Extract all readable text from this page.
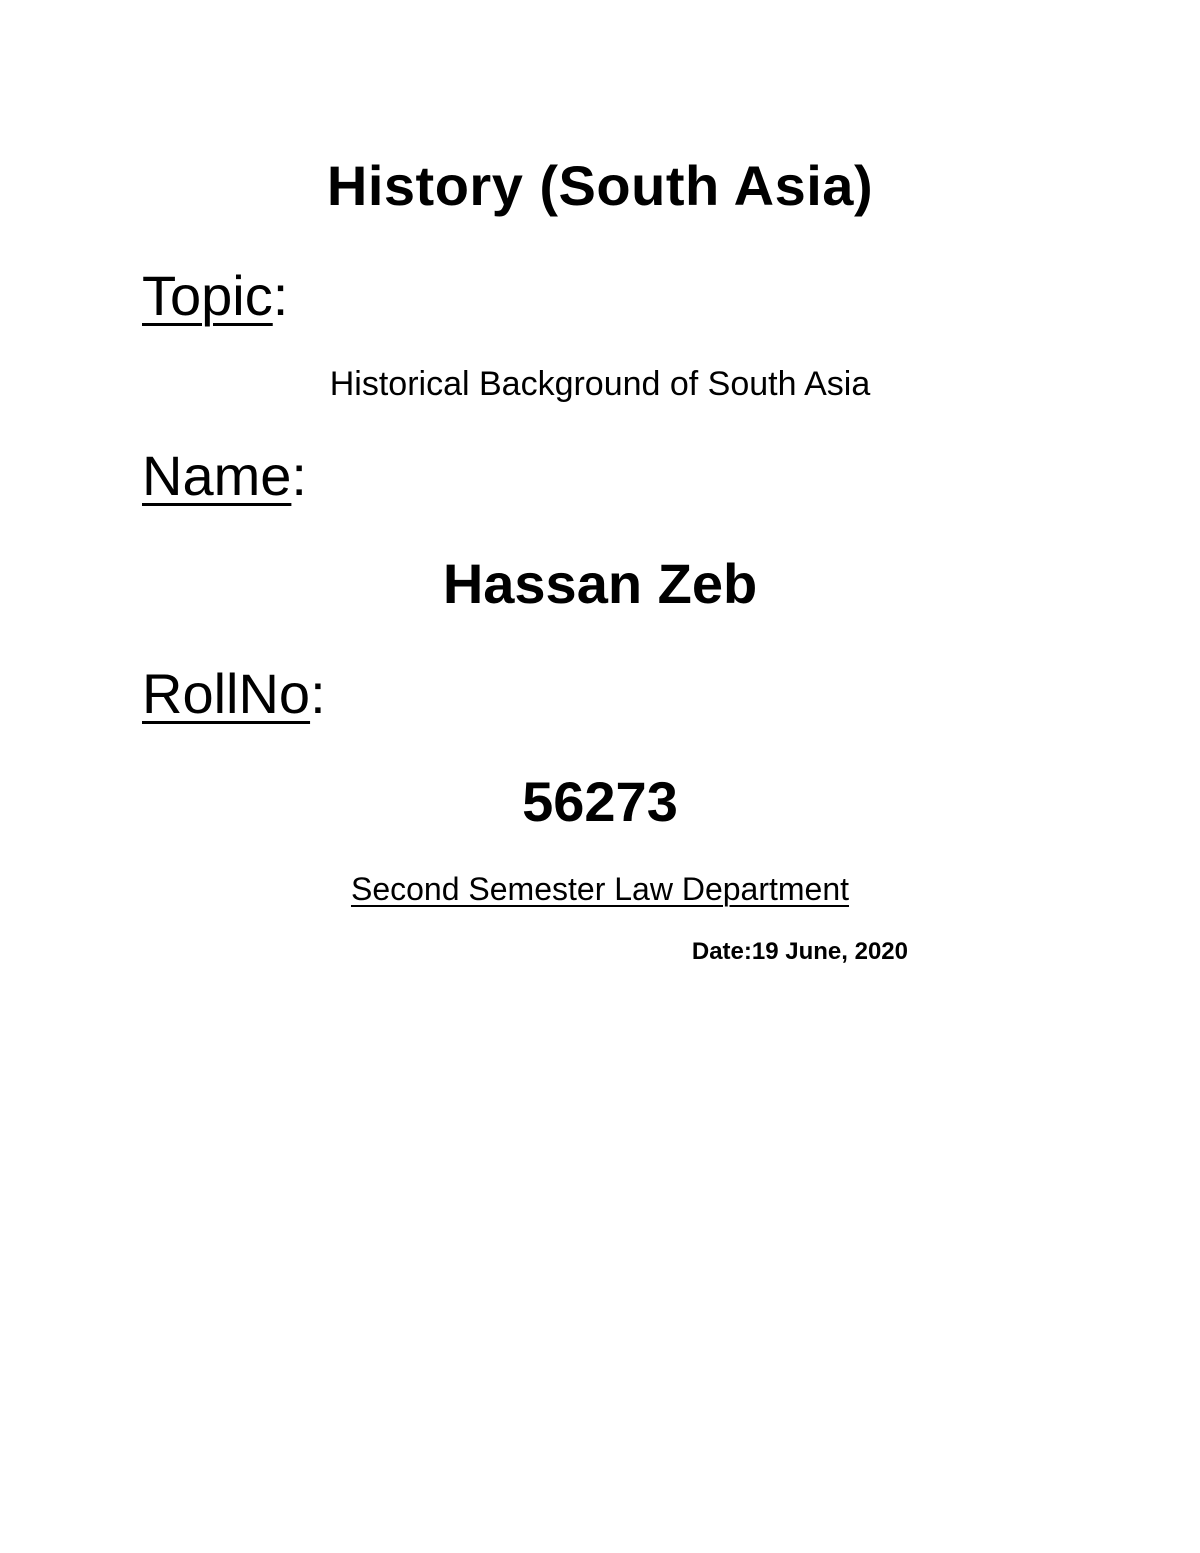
History (South Asia)
Topic:
Historical Background of South Asia
Name:
Hassan Zeb
RollNo:
56273
Second Semester Law Department
Date:19 June, 2020
